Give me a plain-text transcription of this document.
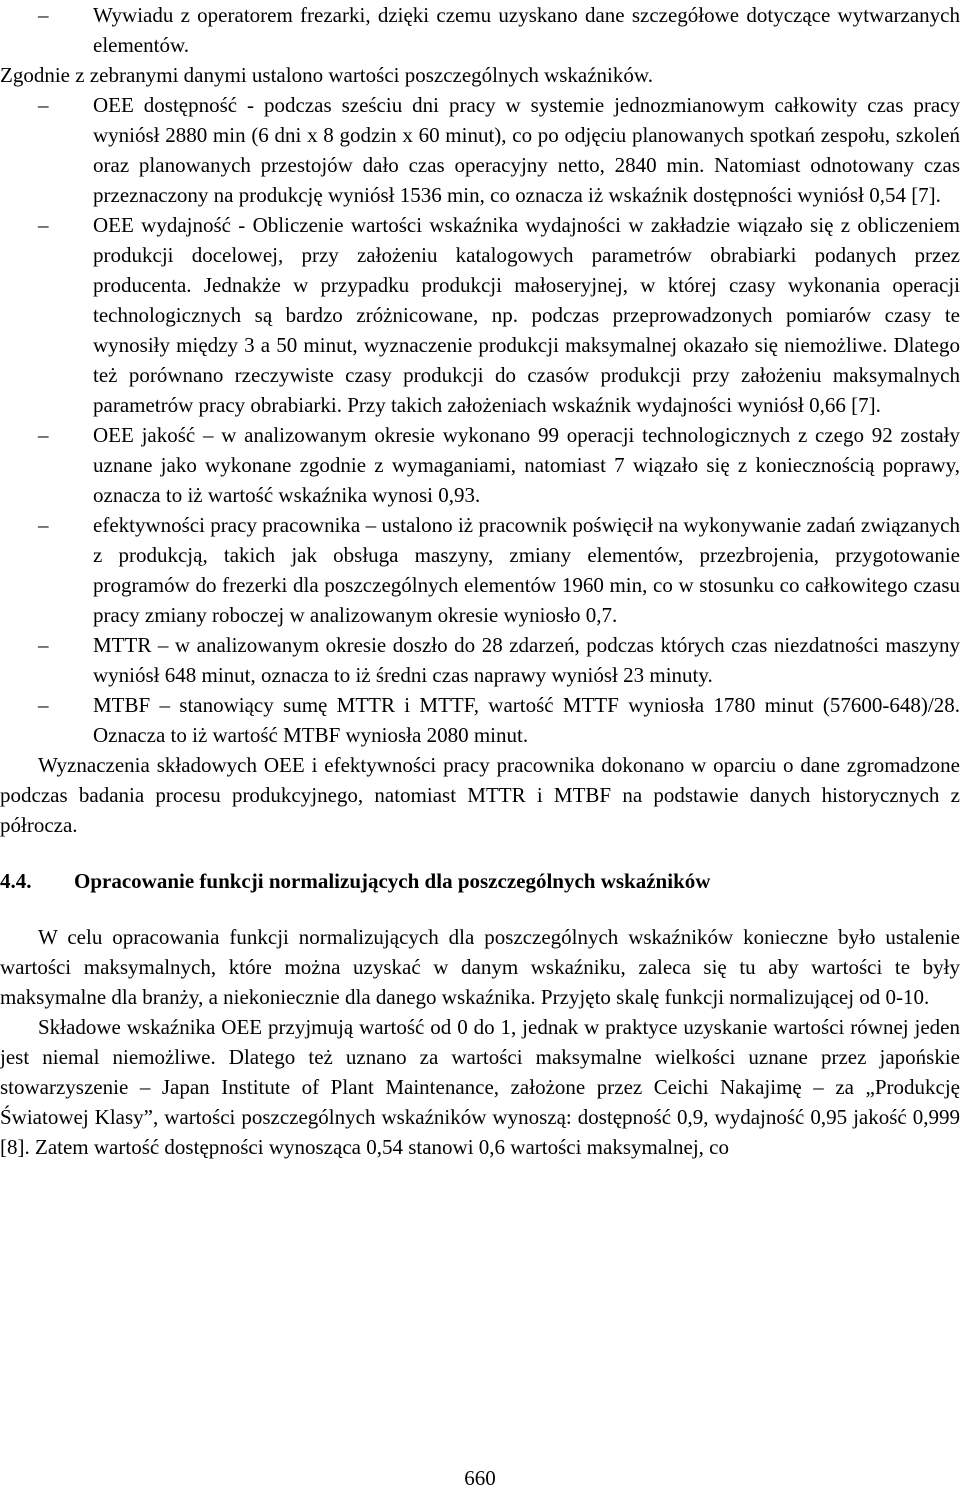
–	Wywiadu z operatorem frezarki, dzięki czemu uzyskano dane szczegółowe dotyczące wytwarzanych elementów.

Zgodnie z zebranymi danymi ustalono wartości poszczególnych wskaźników.

–	OEE dostępność - podczas sześciu dni pracy w systemie jednozmianowym całkowity czas pracy wyniósł 2880 min (6 dni x 8 godzin x 60 minut), co po odjęciu planowanych spotkań zespołu, szkoleń oraz planowanych przestojów dało czas operacyjny netto, 2840 min. Natomiast odnotowany czas przeznaczony na produkcję wyniósł 1536 min, co oznacza iż wskaźnik dostępności wyniósł 0,54 [7].
–	OEE wydajność - Obliczenie wartości wskaźnika wydajności w zakładzie wiązało się z obliczeniem produkcji docelowej, przy założeniu katalogowych parametrów obrabiarki podanych przez producenta. Jednakże w przypadku produkcji małoseryjnej, w której czasy wykonania operacji technologicznych są bardzo zróżnicowane, np. podczas przeprowadzonych pomiarów czasy te wynosiły między 3 a 50 minut, wyznaczenie produkcji maksymalnej okazało się niemożliwe. Dlatego też porównano rzeczywiste czasy produkcji do czasów produkcji przy założeniu maksymalnych parametrów pracy obrabiarki. Przy takich założeniach wskaźnik wydajności wyniósł 0,66 [7].
–	OEE jakość – w analizowanym okresie wykonano 99 operacji technologicznych z czego 92 zostały uznane jako wykonane zgodnie z wymaganiami, natomiast 7 wiązało się z koniecznością poprawy, oznacza to iż wartość wskaźnika wynosi 0,93.
–	efektywności pracy pracownika – ustalono iż pracownik poświęcił na wykonywanie zadań związanych z produkcją, takich jak obsługa maszyny, zmiany elementów, przezbrojenia, przygotowanie programów do frezerki dla poszczególnych elementów 1960 min, co w stosunku co całkowitego czasu pracy zmiany roboczej w analizowanym okresie wyniosło 0,7.
–	MTTR – w analizowanym okresie doszło do 28 zdarzeń, podczas których czas niezdatności maszyny wyniósł 648 minut, oznacza to iż średni czas naprawy wyniósł 23 minuty.
–	MTBF – stanowiący sumę MTTR i MTTF, wartość MTTF wyniosła 1780 minut (57600-648)/28. Oznacza to iż wartość MTBF wyniosła 2080 minut.

Wyznaczenia składowych OEE i efektywności pracy pracownika dokonano w oparciu o dane zgromadzone podczas badania procesu produkcyjnego, natomiast MTTR i MTBF na podstawie danych historycznych z półrocza.

4.4. Opracowanie funkcji normalizujących dla poszczególnych wskaźników

W celu opracowania funkcji normalizujących dla poszczególnych wskaźników konieczne było ustalenie wartości maksymalnych, które można uzyskać w danym wskaźniku, zaleca się tu aby wartości te były maksymalne dla branży, a niekoniecznie dla danego wskaźnika. Przyjęto skalę funkcji normalizującej od 0-10.

Składowe wskaźnika OEE przyjmują wartość od 0 do 1, jednak w praktyce uzyskanie wartości równej jeden jest niemal niemożliwe. Dlatego też uznano za wartości maksymalne wielkości uznane przez japońskie stowarzyszenie – Japan Institute of Plant Maintenance, założone przez Ceichi Nakajimę – za „Produkcję Światowej Klasy”, wartości poszczególnych wskaźników wynoszą: dostępność 0,9, wydajność 0,95 jakość 0,999 [8]. Zatem wartość dostępności wynosząca 0,54 stanowi 0,6 wartości maksymalnej, co

660
